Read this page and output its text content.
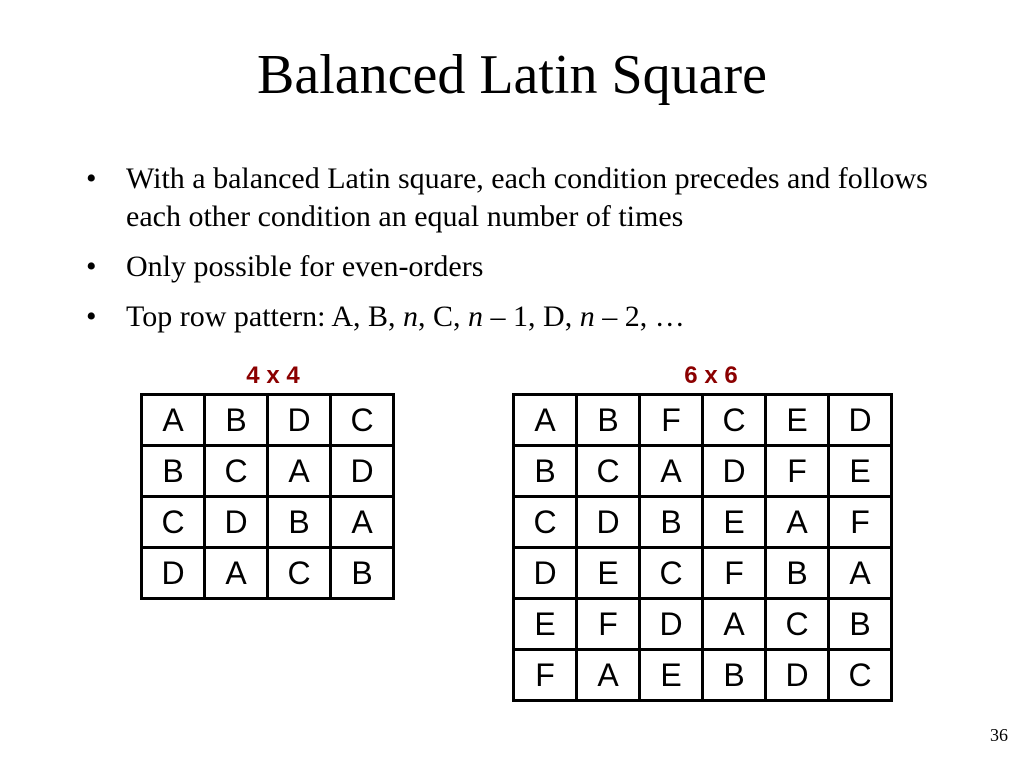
Balanced Latin Square
• With a balanced Latin square, each condition precedes and follows each other condition an equal number of times
• Only possible for even-orders
• Top row pattern: A, B, n, C, n – 1, D, n – 2, …
4 x 4
A	B	D	C
B	C	A	D
C	D	B	A
D	A	C	B
6 x 6
A	B	F	C	E	D
B	C	A	D	F	E
C	D	B	E	A	F
D	E	C	F	B	A
E	F	D	A	C	B
F	A	E	B	D	C
36
